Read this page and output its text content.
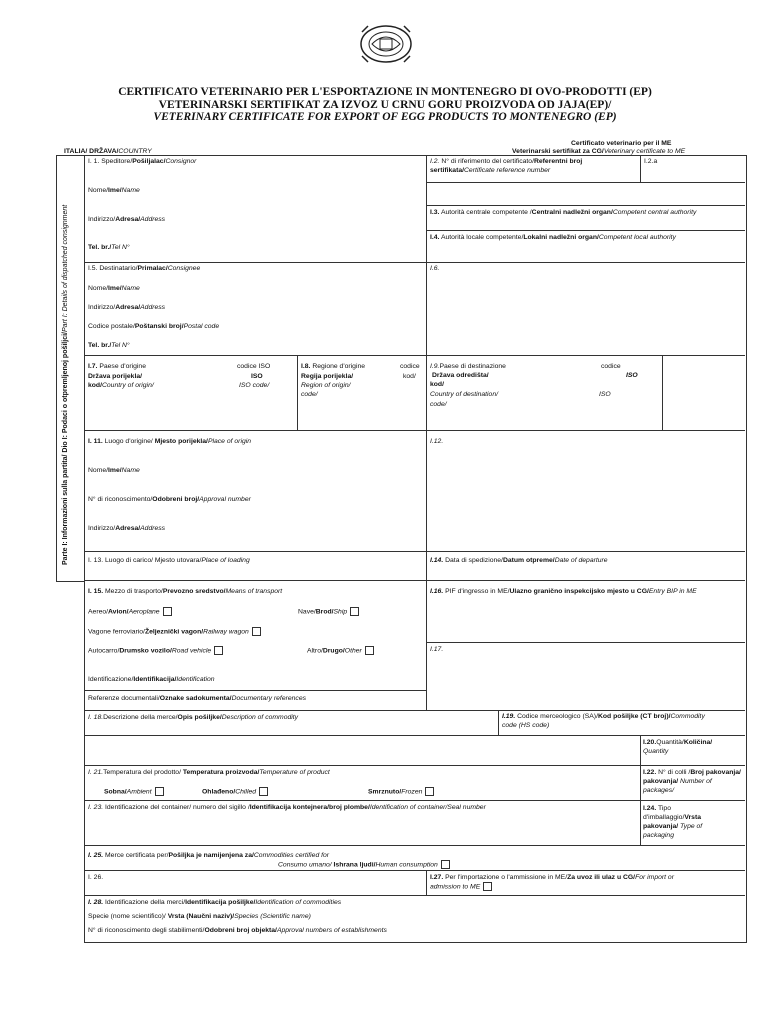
CERTIFICATO VETERINARIO PER L'ESPORTAZIONE IN MONTENEGRO DI OVO-PRODOTTI (EP)
VETERINARSKI SERTIFIKAT ZA IZVOZ U CRNU GORU PROIZVODA OD JAJA(EP)/
VETERINARY CERTIFICATE FOR EXPORT OF EGG PRODUCTS TO MONTENEGRO (EP)
Certificato veterinario per il ME
Veterinarski sertifikat za CG/Veterinary certificate to ME
ITALIA/ DRŽAVA/COUNTRY
Parte I: Informazioni sulla partita/ Dio I: Podaci o otpremljenoj pošiljci/Part I: Details of dispatched consignment
I. 1. Speditore/Pošiljalac/Consignor
Nome/Ime/Name
Indirizzo/Adresa/Address
Tel. br./Tel N°
I.2. N° di riferimento del certificato/Referentni broj sertifikata/Certificate reference number
I.2.a
I.3. Autorità centrale competente /Centralni nadležni organ/Competent central authority
I.4. Autorità locale competente/Lokalni nadležni organ/Competent local authority
I.5. Destinatario/Primalac/Consignee
Nome/Ime/Name
Indirizzo/Adresa/Address
Codice postale/Poštanski broj/Postal code
Tel. br./Tel N°
I.6.
I.7. Paese d'origine	codice ISO
Država porijekla/	ISO
kod/Country of origin/	ISO code/
I.8. Regione d'origine	codice
Regija porijekla/	kod/
Region of origin/
code/
I.9.Paese di destinazione	codice
Država odredišta/	ISO
kod/
Country of destination/	ISO
code/
I. 11. Luogo d'origine/ Mjesto porijekla/Place of origin
Nome/Ime/Name
N° di riconoscimento/Odobreni broj/Approval number
Indirizzo/Adresa/Address
I.12.
I. 13. Luogo di carico/ Mjesto utovara/Place of loading	I.14. Data di spedizione/Datum otpreme/Date of departure
I. 15. Mezzo di trasporto/Prevozno sredstvo/Means of transport
Aereo/Avion/Aeroplane	Nave/Brod/Ship
Vagone ferroviario/Željeznički vagon/Railway wagon
Autocarro/Drumsko vozilo/Road vehicle	Altro/Drugo/Other
Identificazione/Identifikacija/Identification
Referenze documentali/Oznake sadokumenta/Documentary references
I.16. PIF d'ingresso in ME/Ulazno granično inspekcijsko mjesto u CG/Entry BIP in ME
I.17.
I. 18.Descrizione della merce/Opis pošiljke/Description of commodity	I.19. Codice merceologico (SA)/Kod pošiljke (CT broj)/Commodity
code (HS code)
I.20.Quantità/Količina/
Quantity
I. 21.Temperatura del prodotto/ Temperatura proizvoda/Temperature of product
Sobna/Ambient	Ohlađeno/Chilled	Smrznuto/Frozen
I.22. N° di colli /Broj pakovanja/
pakovanja/ Number of
packages/
I. 23. Identificazione del container/ numero del sigillo /Identifikacija kontejnera/broj plombe/Identification of container/Seal number	I.24. Tipo
d'imballaggio/Vrsta
pakovanja/ Type of
packaging
I. 25. Merce certificata per/Pošiljka je namijenjena za/Commodities certified for
Consumo umano/ Ishrana ljudi/Human consumption
I. 26.	I.27. Per l'importazione o l'ammissione in ME/Za uvoz ili ulaz u CG/For import or
admission to ME
I. 28. Identificazione della merci/Identifikacija pošiljke/Identification of commodities
Specie (nome scientifico)/ Vrsta (Naučni naziv)/Species (Scientific name)
N° di riconoscimento degli stabilimenti/Odobreni broj objekta/Approval numbers of establishments
